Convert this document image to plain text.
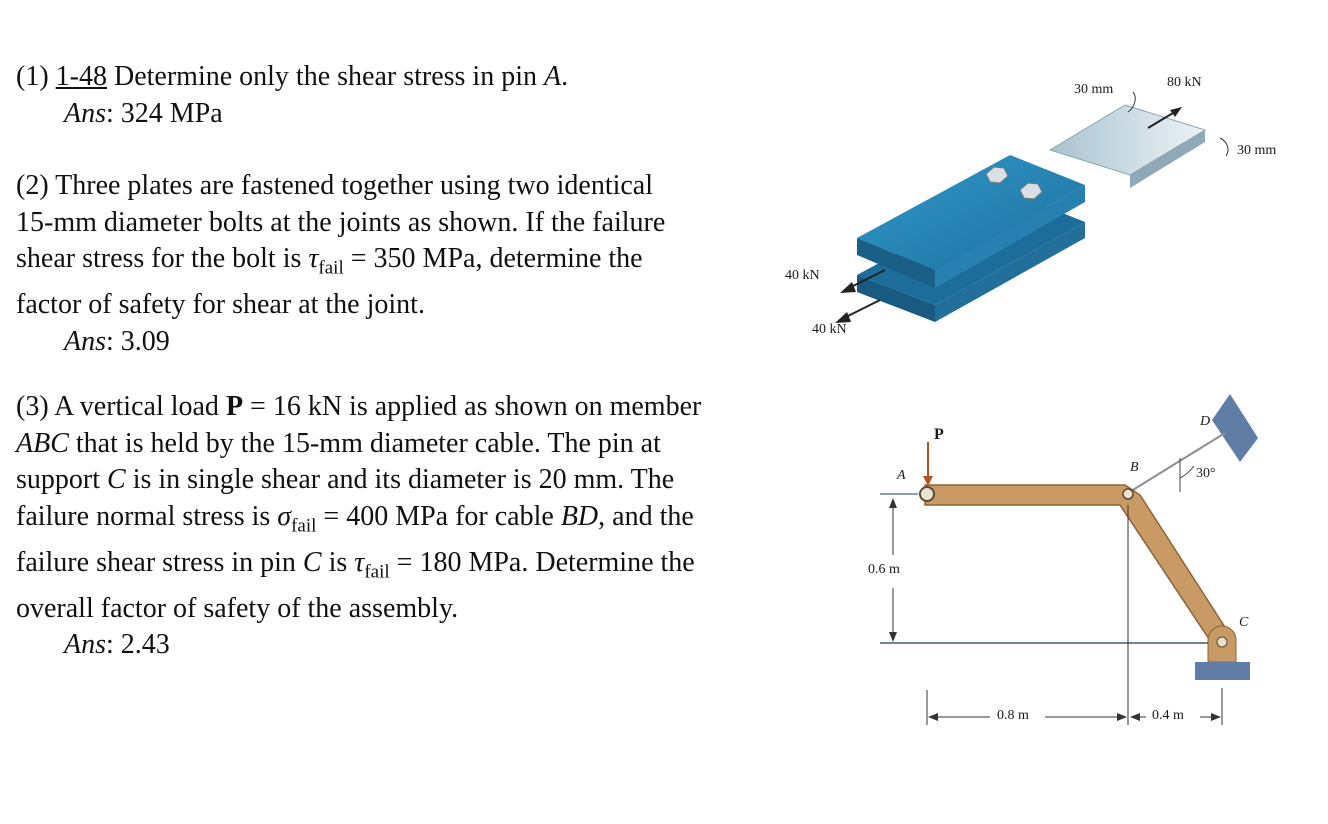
(1) 1-48 Determine only the shear stress in pin A.
Ans: 324 MPa
(2) Three plates are fastened together using two identical
15-mm diameter bolts at the joints as shown. If the failure
shear stress for the bolt is $\tau_{fail} = 350$ MPa, determine the
factor of safety for shear at the joint.
Ans: 3.09
(3) A vertical load P = 16 kN is applied as shown on member
ABC that is held by the 15-mm diameter cable. The pin at
support C is in single shear and its diameter is 20 mm. The
failure normal stress is $\sigma_{fail} = 400$ MPa for cable BD, and the
failure shear stress in pin C is $\tau_{fail} = 180$ MPa. Determine the
overall factor of safety of the assembly.
Ans: 2.43
30 mm	80 kN
30 mm
40 kN
40 kN
P
A
B
C
D
30°
0.6 m
0.8 m	0.4 m
